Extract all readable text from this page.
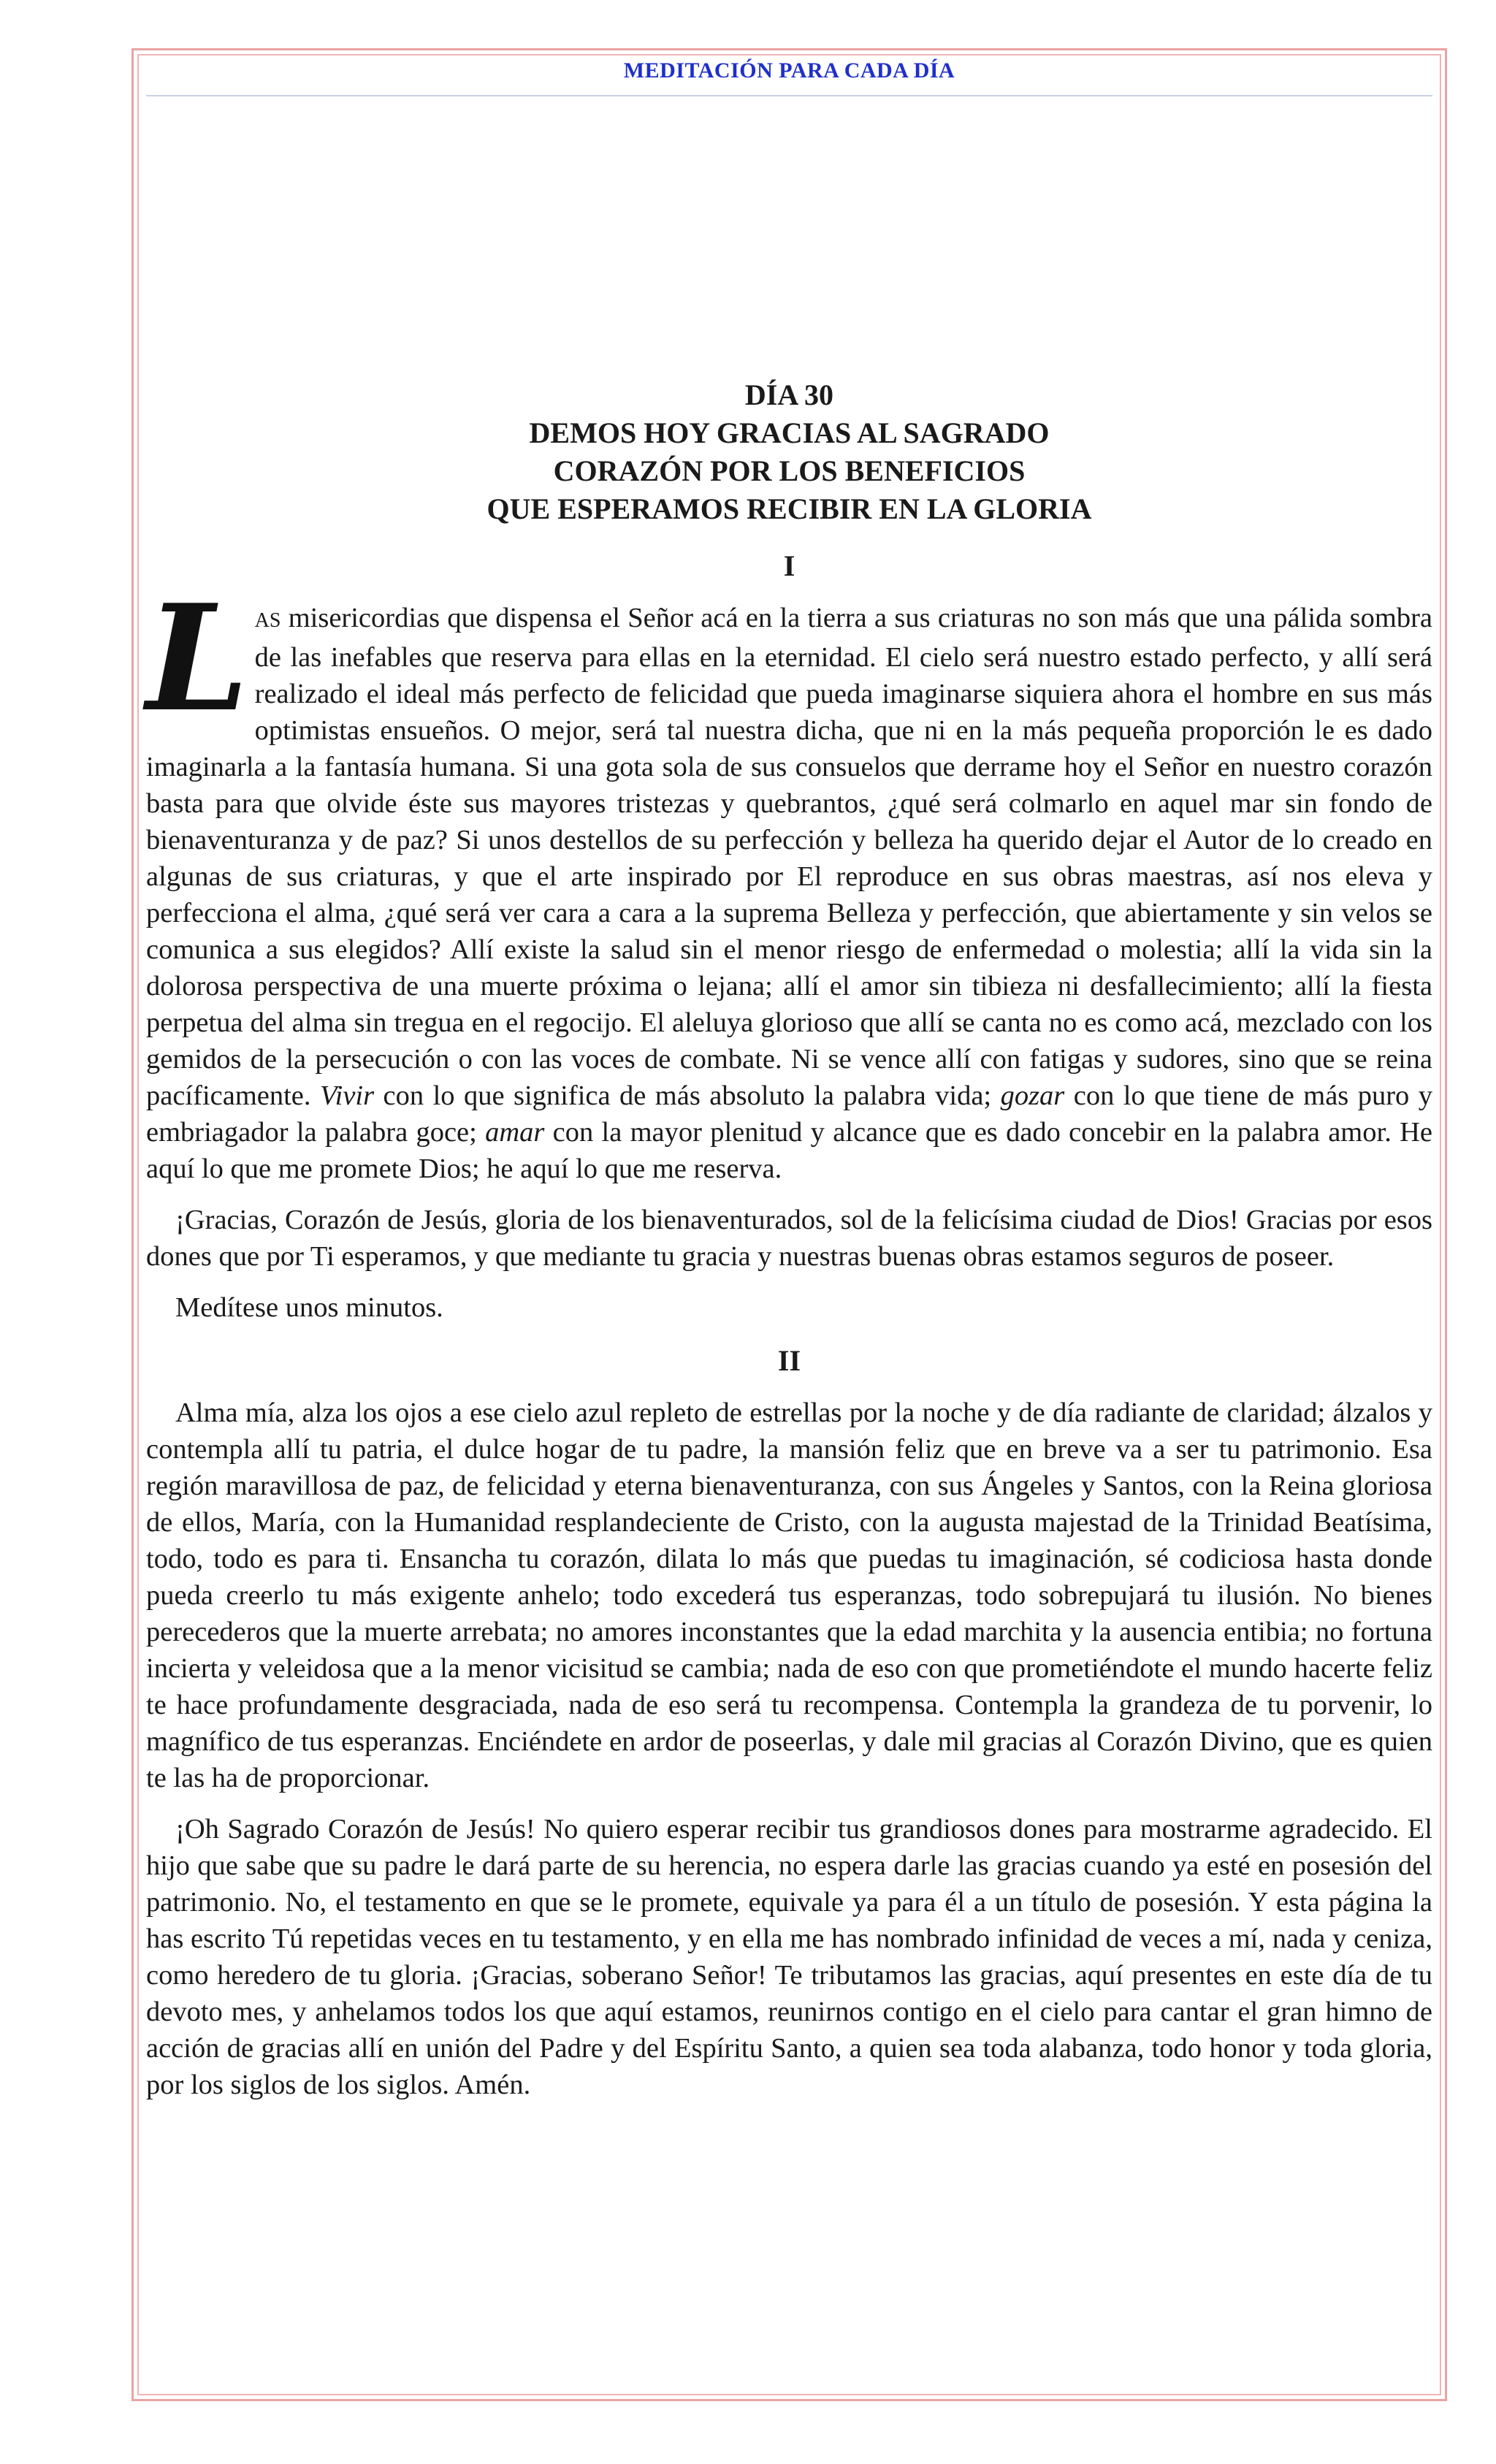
MEDITACIÓN PARA CADA DÍA

DÍA 30

DEMOS HOY GRACIAS AL SAGRADO

CORAZÓN POR LOS BENEFICIOS

QUE ESPERAMOS RECIBIR EN LA GLORIA

I

LAS misericordias que dispensa el Señor acá en la tierra a sus criaturas no son más que una pálida sombra de las inefables que reserva para ellas en la eternidad. El cielo será nuestro estado perfecto, y allí será realizado el ideal más perfecto de felicidad que pueda imaginarse siquiera ahora el hombre en sus más optimistas ensueños. O mejor, será tal nuestra dicha, que ni en la más pequeña proporción le es dado imaginarla a la fantasía humana. Si una gota sola de sus consuelos que derrame hoy el Señor en nuestro corazón basta para que olvide éste sus mayores tristezas y quebrantos, ¿qué será colmarlo en aquel mar sin fondo de bienaventuranza y de paz? Si unos destellos de su perfección y belleza ha querido dejar el Autor de lo creado en algunas de sus criaturas, y que el arte inspirado por El reproduce en sus obras maestras, así nos eleva y perfecciona el alma, ¿qué será ver cara a cara a la suprema Belleza y perfección, que abiertamente y sin velos se comunica a sus elegidos? Allí existe la salud sin el menor riesgo de enfermedad o molestia; allí la vida sin la dolorosa perspectiva de una muerte próxima o lejana; allí el amor sin tibieza ni desfallecimiento; allí la fiesta perpetua del alma sin tregua en el regocijo. El aleluya glorioso que allí se canta no es como acá, mezclado con los gemidos de la persecución o con las voces de combate. Ni se vence allí con fatigas y sudores, sino que se reina pacíficamente. Vivir con lo que significa de más absoluto la palabra vida; gozar con lo que tiene de más puro y embriagador la palabra goce; amar con la mayor plenitud y alcance que es dado concebir en la palabra amor. He aquí lo que me promete Dios; he aquí lo que me reserva.

¡Gracias, Corazón de Jesús, gloria de los bienaventurados, sol de la felicísima ciudad de Dios! Gracias por esos dones que por Ti esperamos, y que mediante tu gracia y nuestras buenas obras estamos seguros de poseer.

Medítese unos minutos.

II

Alma mía, alza los ojos a ese cielo azul repleto de estrellas por la noche y de día radiante de claridad; álzalos y contempla allí tu patria, el dulce hogar de tu padre, la mansión feliz que en breve va a ser tu patrimonio. Esa región maravillosa de paz, de felicidad y eterna bienaventuranza, con sus Ángeles y Santos, con la Reina gloriosa de ellos, María, con la Humanidad resplandeciente de Cristo, con la augusta majestad de la Trinidad Beatísima, todo, todo es para ti. Ensancha tu corazón, dilata lo más que puedas tu imaginación, sé codiciosa hasta donde pueda creerlo tu más exigente anhelo; todo excederá tus esperanzas, todo sobrepujará tu ilusión. No bienes perecederos que la muerte arrebata; no amores inconstantes que la edad marchita y la ausencia entibia; no fortuna incierta y veleidosa que a la menor vicisitud se cambia; nada de eso con que prometiéndote el mundo hacerte feliz te hace profundamente desgraciada, nada de eso será tu recompensa. Contempla la grandeza de tu porvenir, lo magnífico de tus esperanzas. Enciéndete en ardor de poseerlas, y dale mil gracias al Corazón Divino, que es quien te las ha de proporcionar.

¡Oh Sagrado Corazón de Jesús! No quiero esperar recibir tus grandiosos dones para mostrarme agradecido. El hijo que sabe que su padre le dará parte de su herencia, no espera darle las gracias cuando ya esté en posesión del patrimonio. No, el testamento en que se le promete, equivale ya para él a un título de posesión. Y esta página la has escrito Tú repetidas veces en tu testamento, y en ella me has nombrado infinidad de veces a mí, nada y ceniza, como heredero de tu gloria. ¡Gracias, soberano Señor! Te tributamos las gracias, aquí presentes en este día de tu devoto mes, y anhelamos todos los que aquí estamos, reunirnos contigo en el cielo para cantar el gran himno de acción de gracias allí en unión del Padre y del Espíritu Santo, a quien sea toda alabanza, todo honor y toda gloria, por los siglos de los siglos. Amén.
